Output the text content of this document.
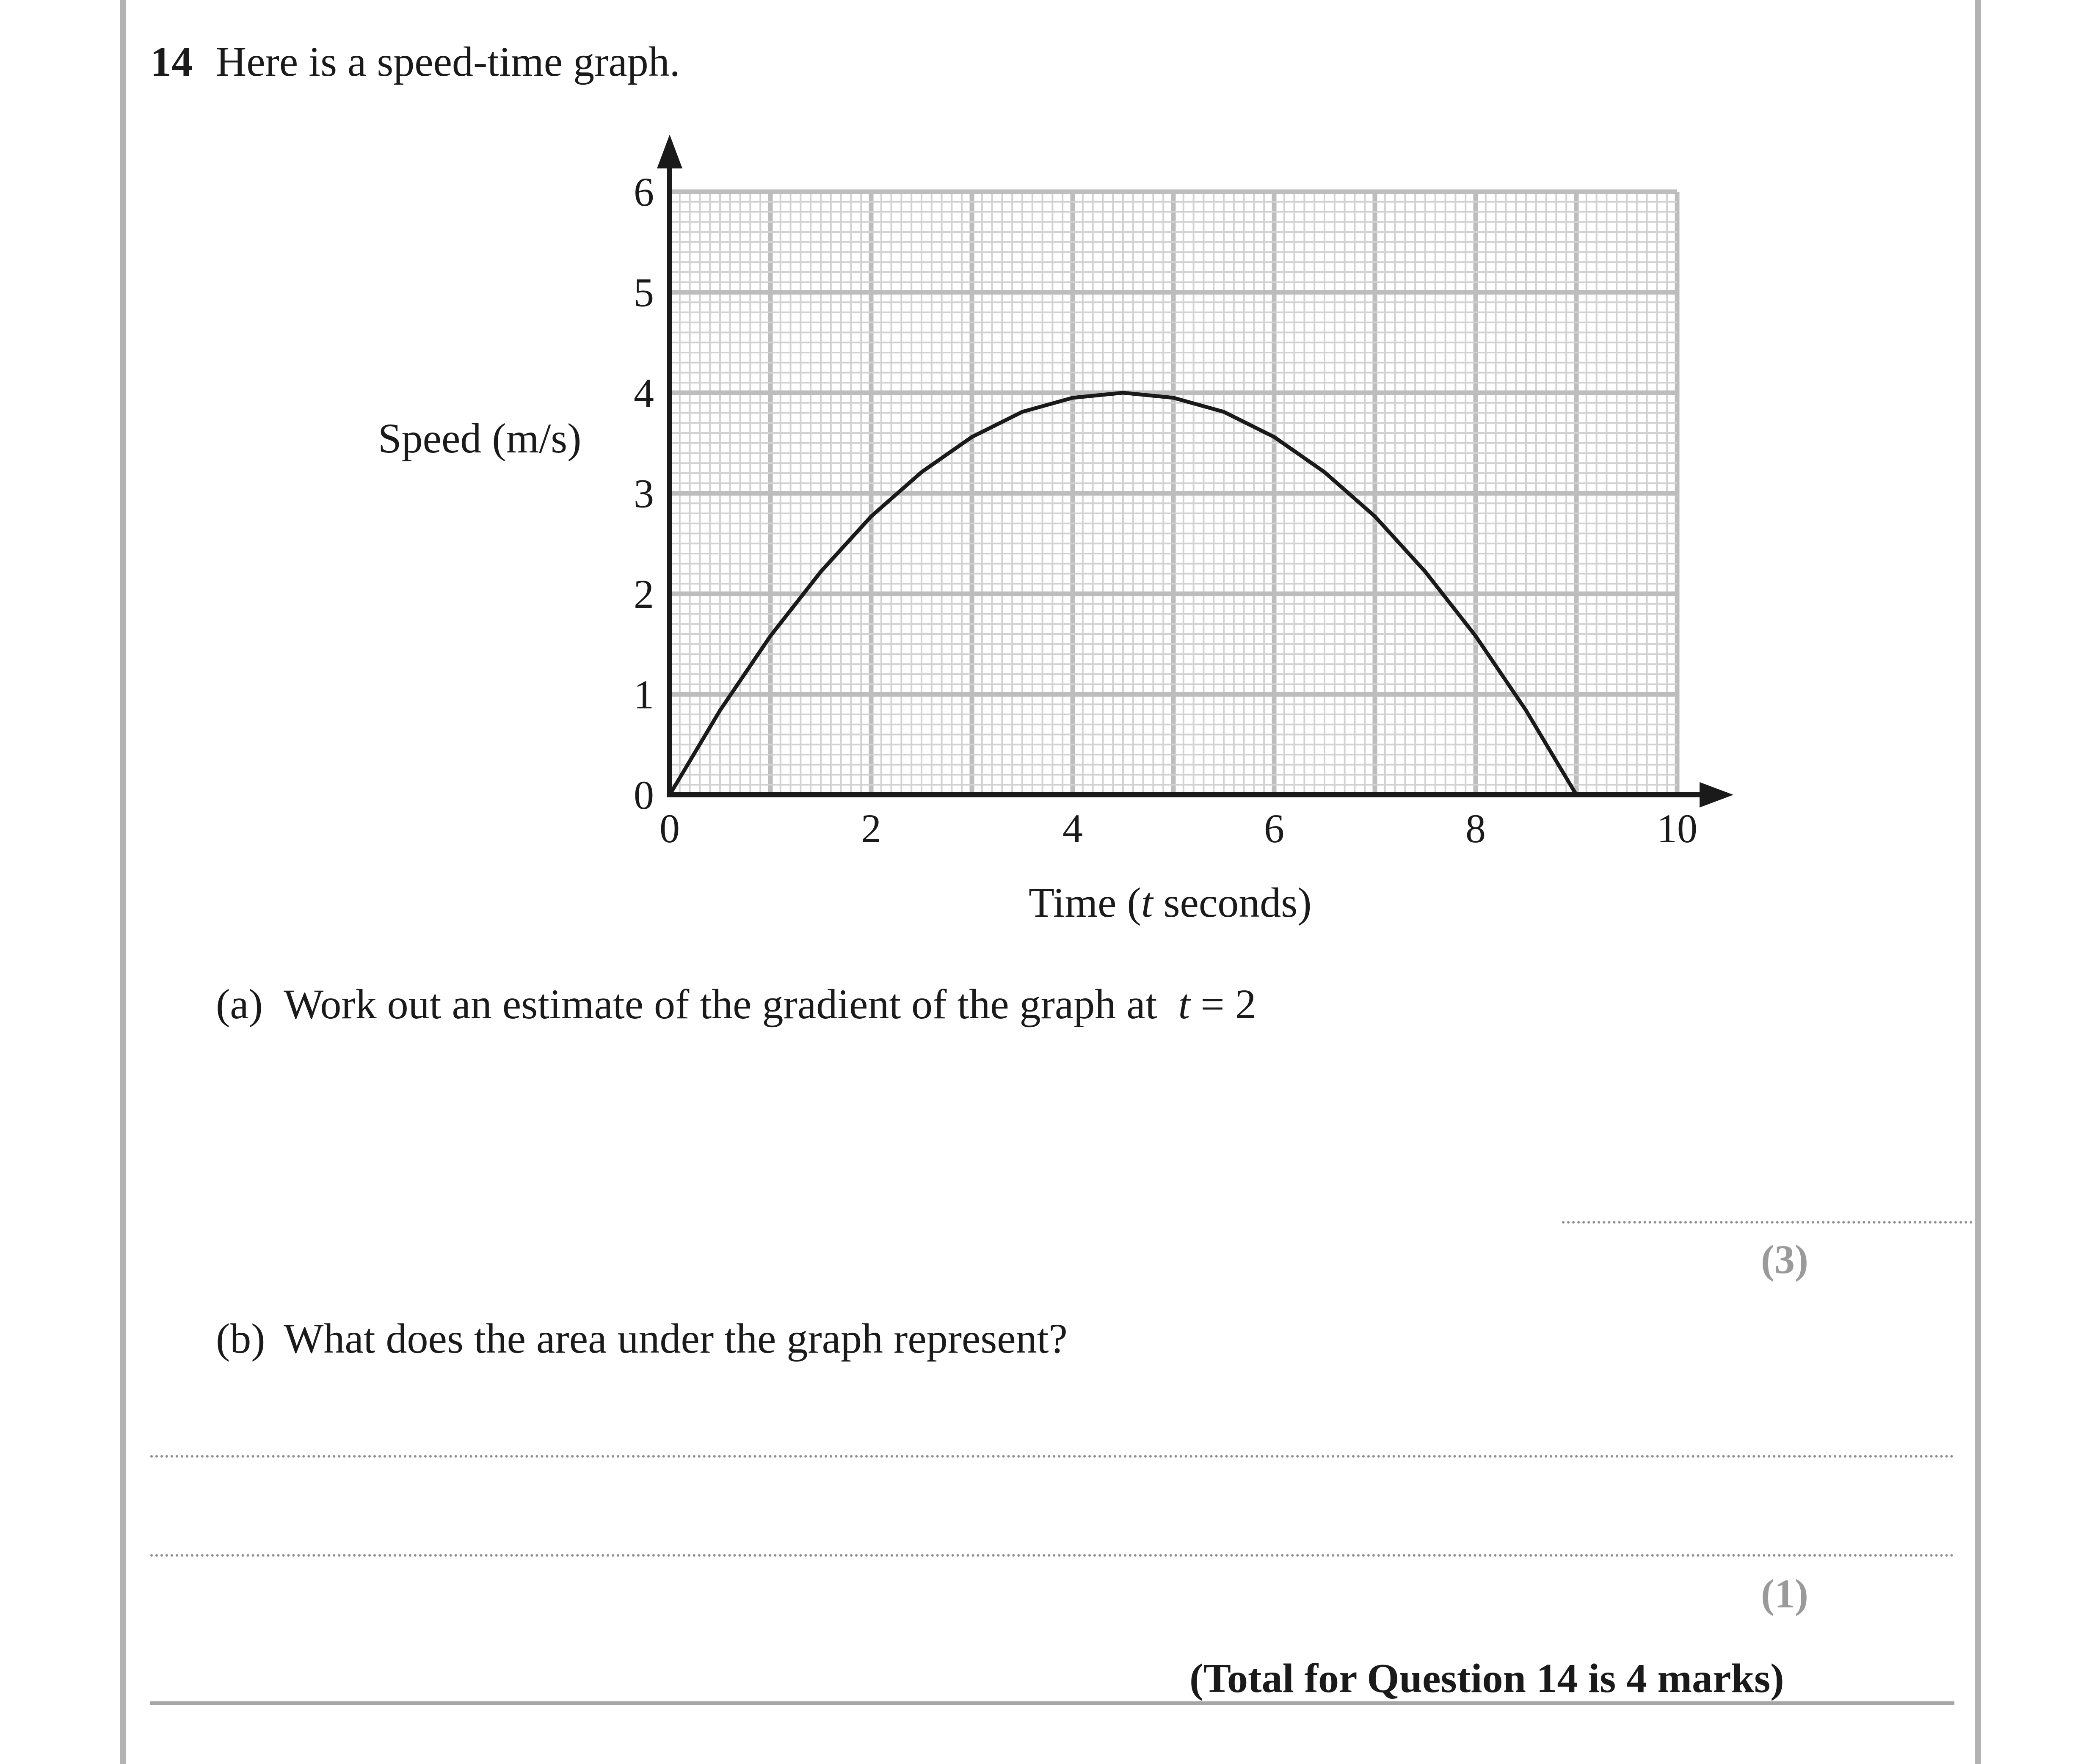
14 Here is a speed-time graph.
0	2	4	6	8	10
0
1
2
3
4
5
6
Speed (m/s)
Time (t seconds)
(a) Work out an estimate of the gradient of the graph at t = 2
(3)
(b) What does the area under the graph represent?
(1)
(Total for Question 14 is 4 marks)
